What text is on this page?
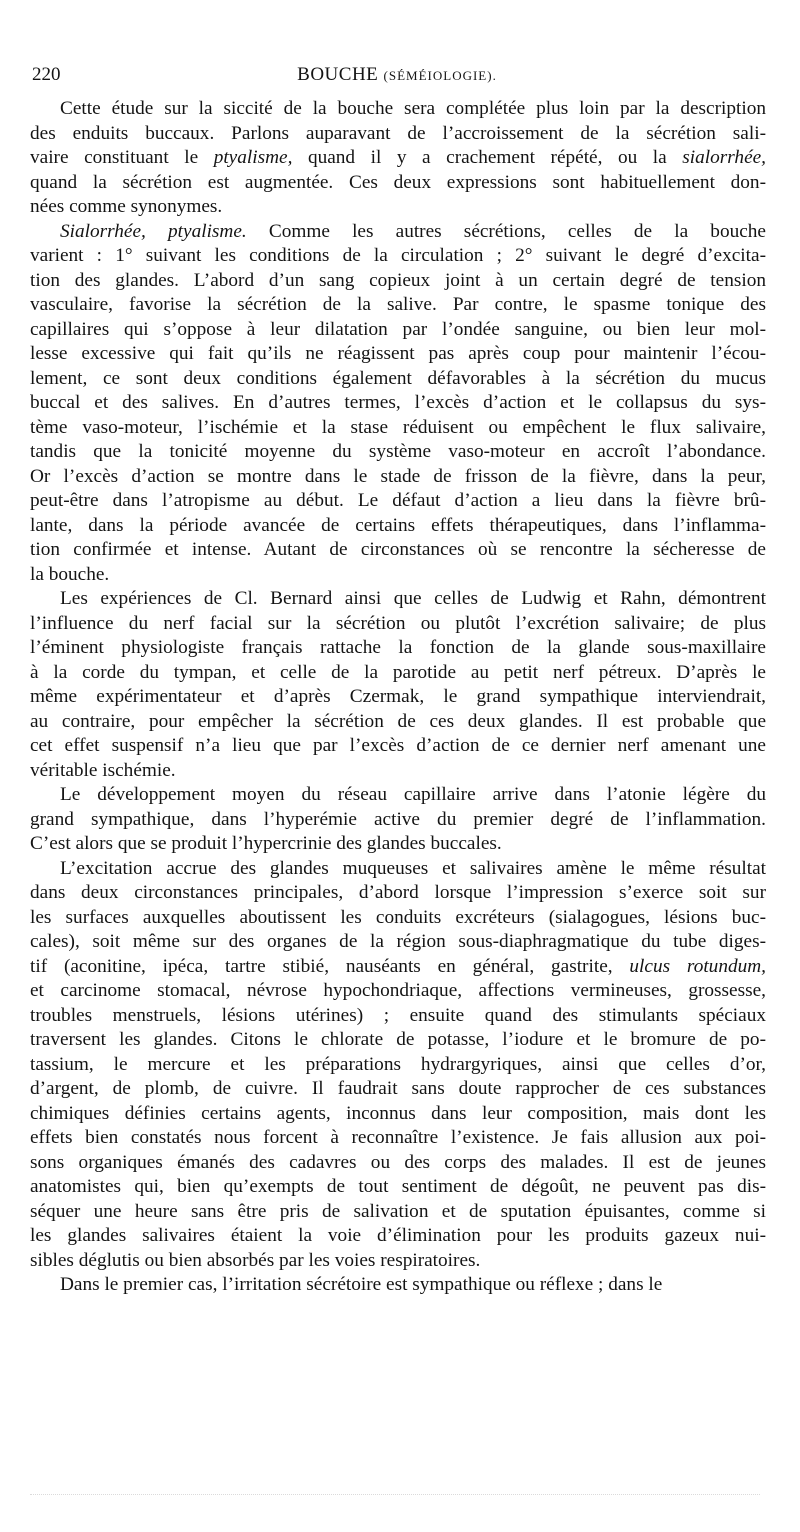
220	BOUCHE (SÉMÉIOLOGIE).
Cette étude sur la siccité de la bouche sera complétée plus loin par la description
des enduits buccaux. Parlons auparavant de l’accroissement de la sécrétion sali-
vaire constituant le ptyalisme, quand il y a crachement répété, ou la sialorrhée,
quand la sécrétion est augmentée. Ces deux expressions sont habituellement don-
nées comme synonymes.
Sialorrhée, ptyalisme. Comme les autres sécrétions, celles de la bouche
varient : 1° suivant les conditions de la circulation ; 2° suivant le degré d’excita-
tion des glandes. L’abord d’un sang copieux joint à un certain degré de tension
vasculaire, favorise la sécrétion de la salive. Par contre, le spasme tonique des
capillaires qui s’oppose à leur dilatation par l’ondée sanguine, ou bien leur mol-
lesse excessive qui fait qu’ils ne réagissent pas après coup pour maintenir l’écou-
lement, ce sont deux conditions également défavorables à la sécrétion du mucus
buccal et des salives. En d’autres termes, l’excès d’action et le collapsus du sys-
tème vaso-moteur, l’ischémie et la stase réduisent ou empêchent le flux salivaire,
tandis que la tonicité moyenne du système vaso-moteur en accroît l’abondance.
Or l’excès d’action se montre dans le stade de frisson de la fièvre, dans la peur,
peut-être dans l’atropisme au début. Le défaut d’action a lieu dans la fièvre brû-
lante, dans la période avancée de certains effets thérapeutiques, dans l’inflamma-
tion confirmée et intense. Autant de circonstances où se rencontre la sécheresse de
la bouche.
Les expériences de Cl. Bernard ainsi que celles de Ludwig et Rahn, démontrent
l’influence du nerf facial sur la sécrétion ou plutôt l’excrétion salivaire; de plus
l’éminent physiologiste français rattache la fonction de la glande sous-maxillaire
à la corde du tympan, et celle de la parotide au petit nerf pétreux. D’après le
même expérimentateur et d’après Czermak, le grand sympathique interviendrait,
au contraire, pour empêcher la sécrétion de ces deux glandes. Il est probable que
cet effet suspensif n’a lieu que par l’excès d’action de ce dernier nerf amenant une
véritable ischémie.
Le développement moyen du réseau capillaire arrive dans l’atonie légère du
grand sympathique, dans l’hyperémie active du premier degré de l’inflammation.
C’est alors que se produit l’hypercrinie des glandes buccales.
L’excitation accrue des glandes muqueuses et salivaires amène le même résultat
dans deux circonstances principales, d’abord lorsque l’impression s’exerce soit sur
les surfaces auxquelles aboutissent les conduits excréteurs (sialagogues, lésions buc-
cales), soit même sur des organes de la région sous-diaphragmatique du tube diges-
tif (aconitine, ipéca, tartre stibié, nauséants en général, gastrite, ulcus rotundum,
et carcinome stomacal, névrose hypochondriaque, affections vermineuses, grossesse,
troubles menstruels, lésions utérines) ; ensuite quand des stimulants spéciaux
traversent les glandes. Citons le chlorate de potasse, l’iodure et le bromure de po-
tassium, le mercure et les préparations hydrargyriques, ainsi que celles d’or,
d’argent, de plomb, de cuivre. Il faudrait sans doute rapprocher de ces substances
chimiques définies certains agents, inconnus dans leur composition, mais dont les
effets bien constatés nous forcent à reconnaître l’existence. Je fais allusion aux poi-
sons organiques émanés des cadavres ou des corps des malades. Il est de jeunes
anatomistes qui, bien qu’exempts de tout sentiment de dégoût, ne peuvent pas dis-
séquer une heure sans être pris de salivation et de sputation épuisantes, comme si
les glandes salivaires étaient la voie d’élimination pour les produits gazeux nui-
sibles déglutis ou bien absorbés par les voies respiratoires.
Dans le premier cas, l’irritation sécrétoire est sympathique ou réflexe ; dans le
